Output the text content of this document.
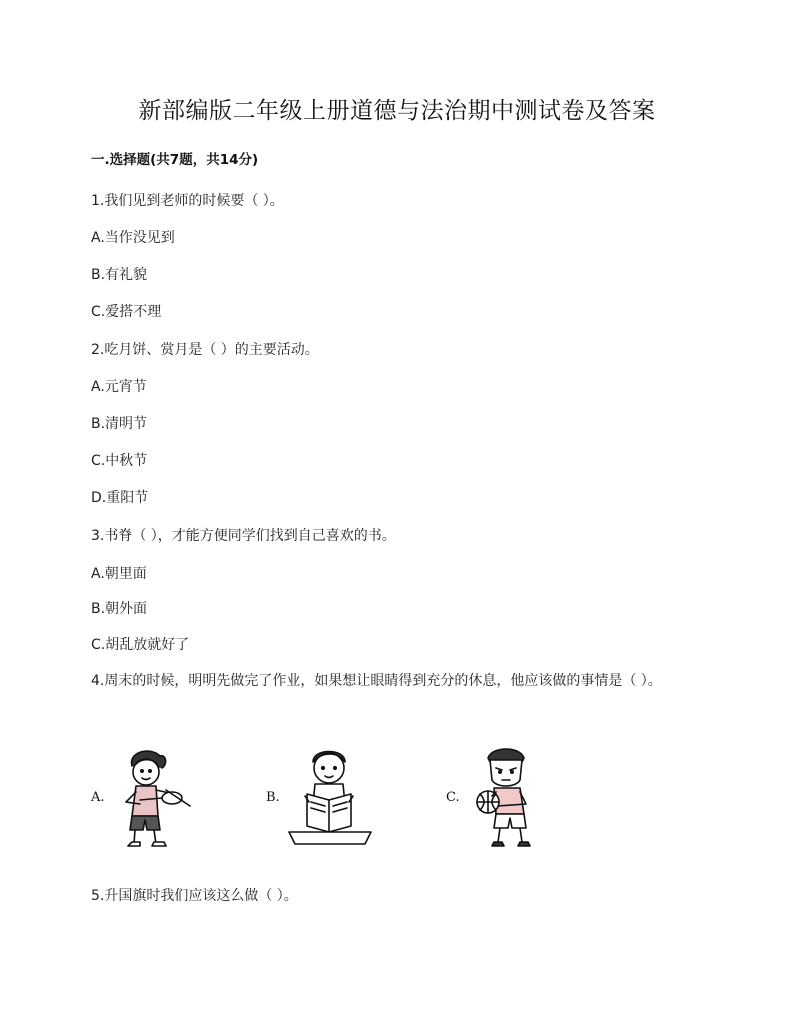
新部编版二年级上册道德与法治期中测试卷及答案
一.选择题(共7题，共14分)
1.我们见到老师的时候要（ ）。
A.当作没见到
B.有礼貌
C.爱搭不理
2.吃月饼、赏月是（ ）的主要活动。
A.元宵节
B.清明节
C.中秋节
D.重阳节
3.书脊（ ），才能方便同学们找到自己喜欢的书。
A.朝里面
B.朝外面
C.胡乱放就好了
4.周末的时候，明明先做完了作业，如果想让眼睛得到充分的休息，他应该做的事情是（ ）。
A.	B.	C.
5.升国旗时我们应该这么做（ ）。
